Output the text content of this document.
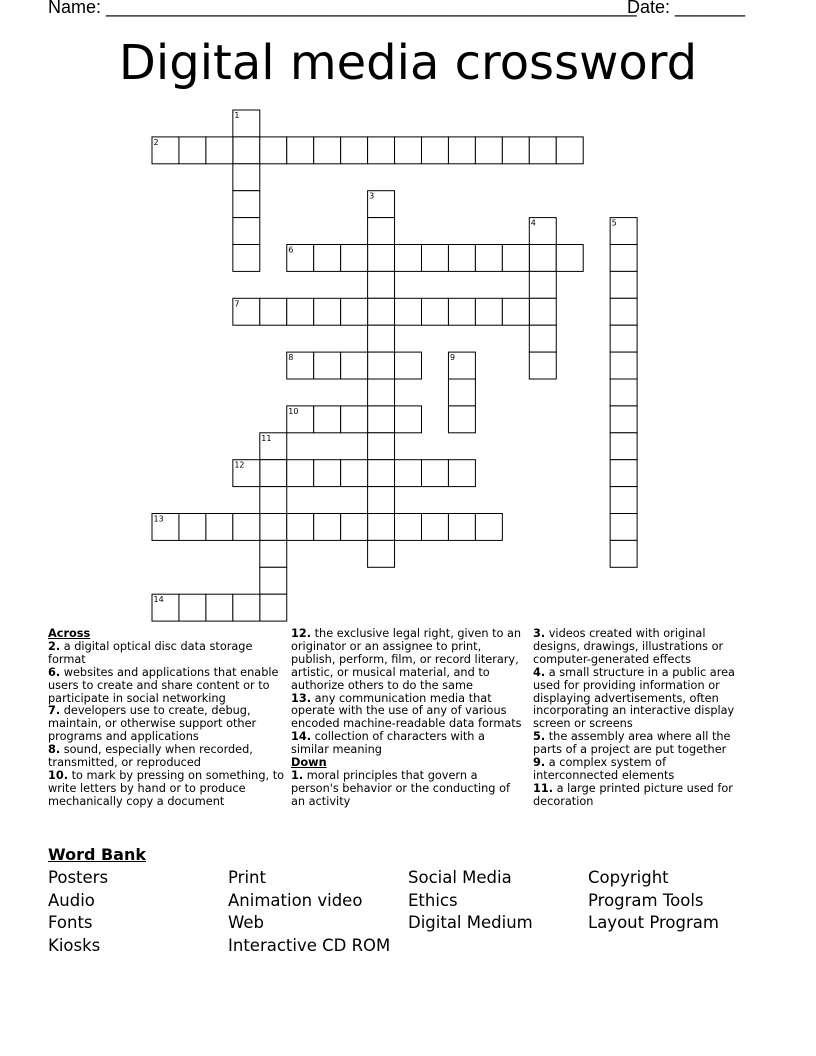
Name: _____________________________________________________
Date: _______
Digital media crossword
1
2
3
4	5
6
7
8	9
10
11
12
13
14
Across
2. a digital optical disc data storage format
6. websites and applications that enable users to create and share content or to participate in social networking
7. developers use to create, debug, maintain, or otherwise support other programs and applications
8. sound, especially when recorded, transmitted, or reproduced
10. to mark by pressing on something, to write letters by hand or to produce mechanically copy a document
12. the exclusive legal right, given to an originator or an assignee to print, publish, perform, film, or record literary, artistic, or musical material, and to authorize others to do the same
13. any communication media that operate with the use of any of various encoded machine-readable data formats
14. collection of characters with a similar meaning
Down
1. moral principles that govern a person's behavior or the conducting of an activity
3. videos created with original designs, drawings, illustrations or computer-generated effects
4. a small structure in a public area used for providing information or displaying advertisements, often incorporating an interactive display screen or screens
5. the assembly area where all the parts of a project are put together
9. a complex system of interconnected elements
11. a large printed picture used for decoration
Word Bank
Posters
Audio
Fonts
Kiosks
Print
Animation video
Web
Interactive CD ROM
Social Media
Ethics
Digital Medium
Copyright
Program Tools
Layout Program
